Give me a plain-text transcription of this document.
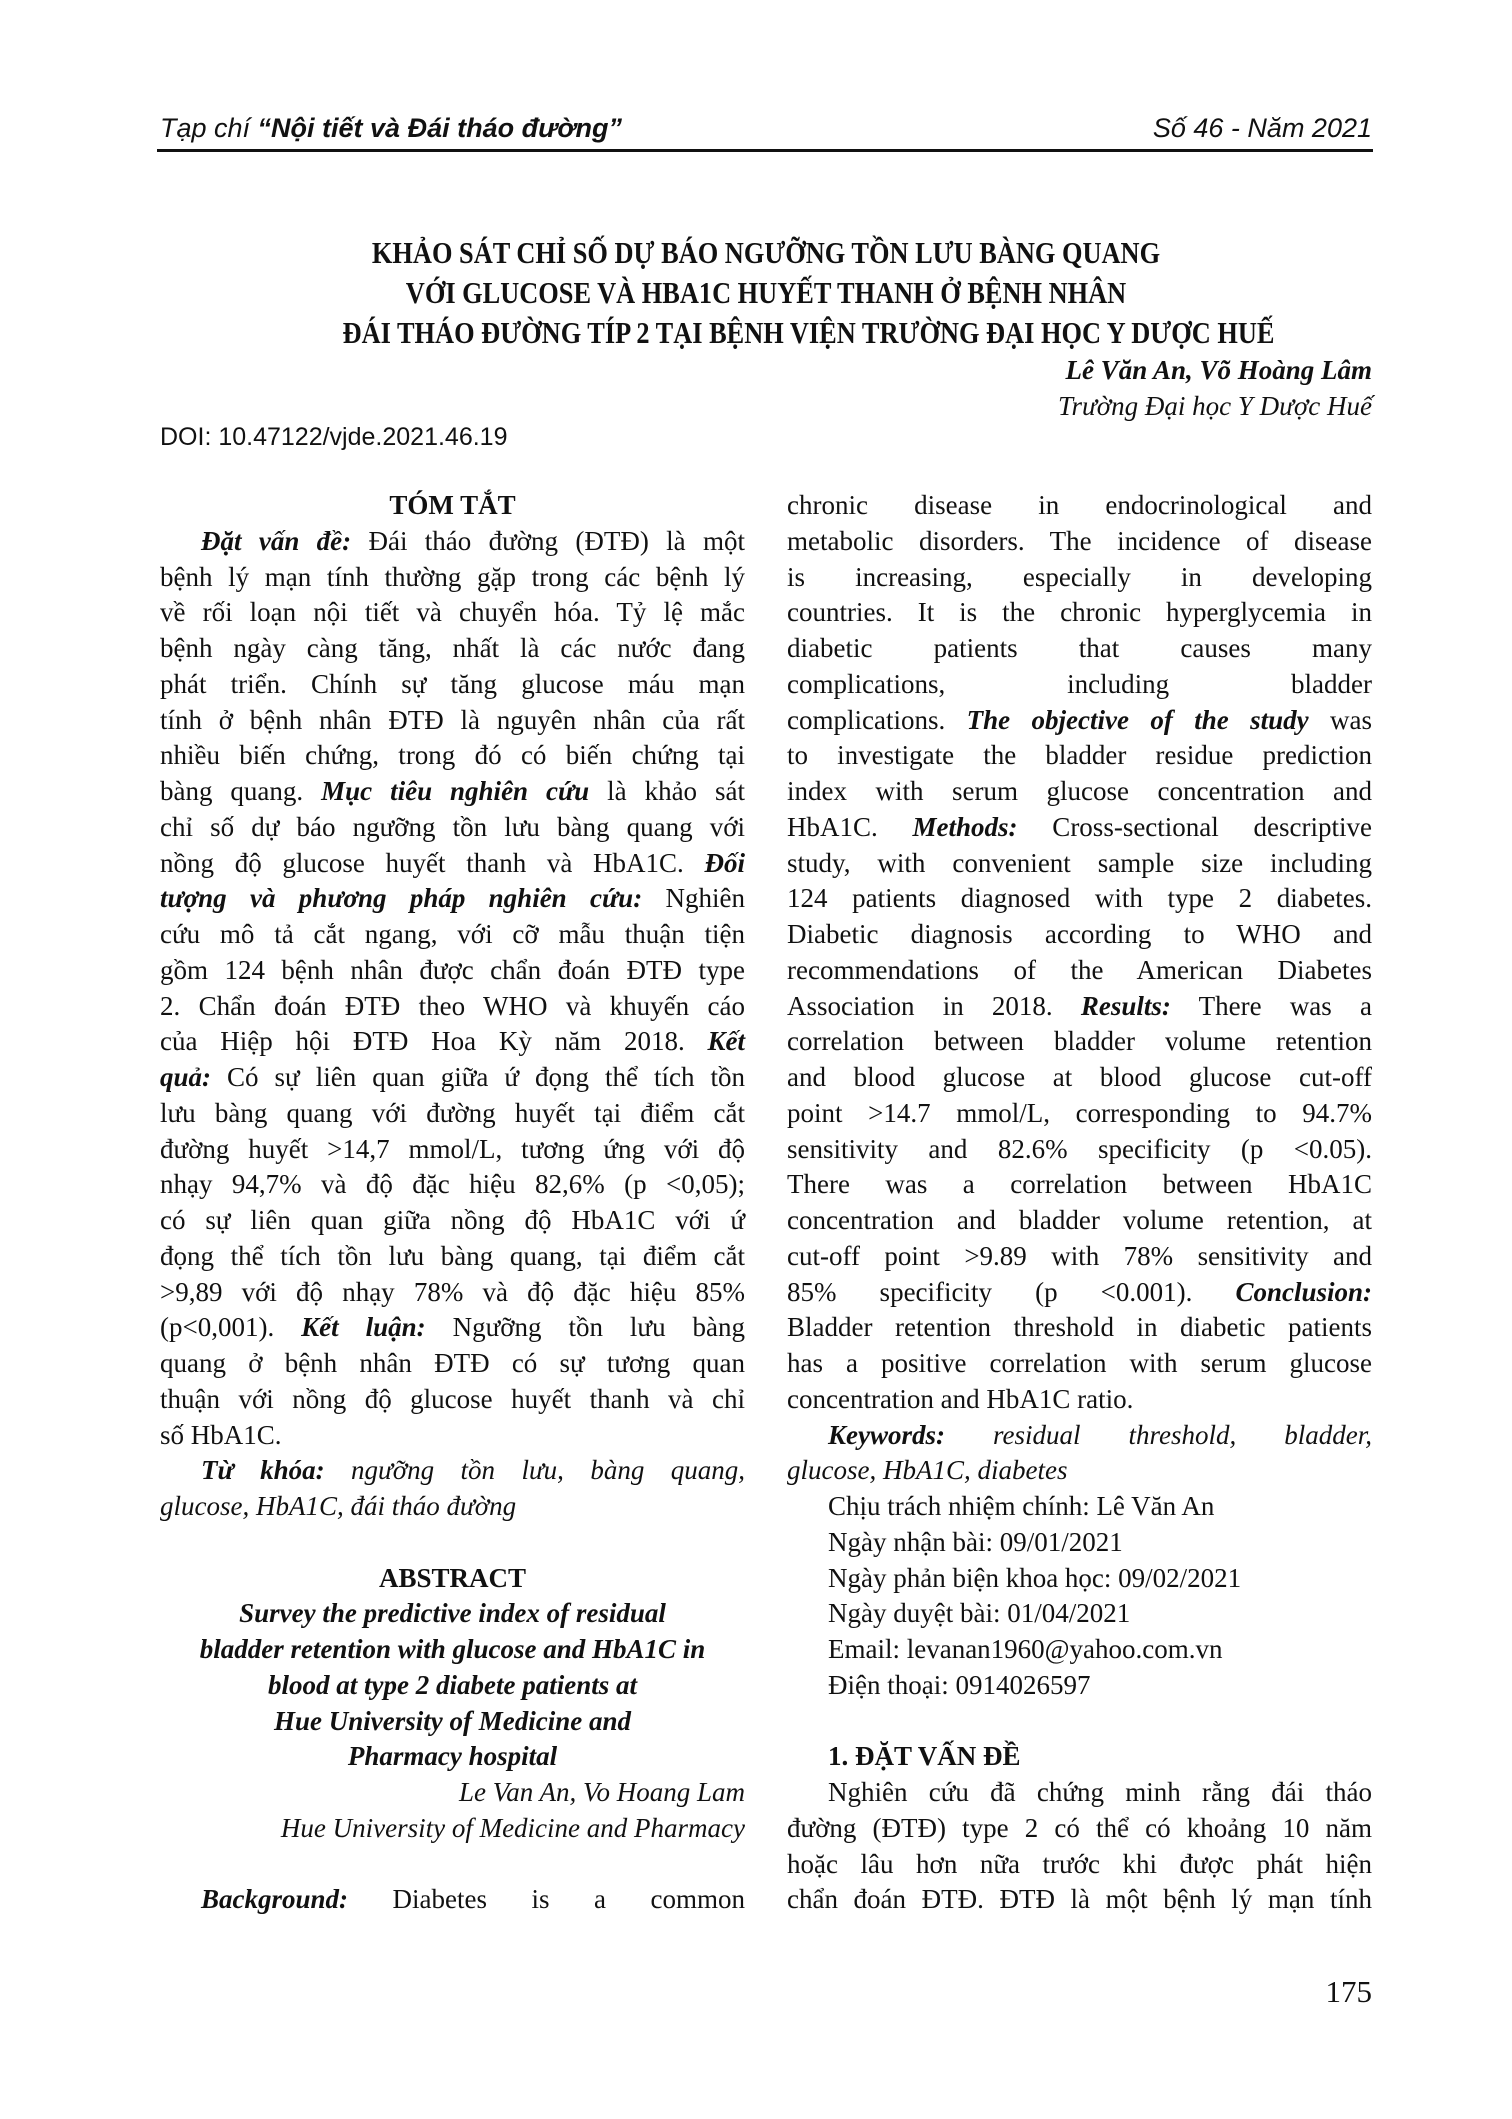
Tạp chí “Nội tiết và Đái tháo đường”	Số 46 - Năm 2021
KHẢO SÁT CHỈ SỐ DỰ BÁO NGƯỠNG TỒN LƯU BÀNG QUANG
VỚI GLUCOSE VÀ HBA1C HUYẾT THANH Ở BỆNH NHÂN
ĐÁI THÁO ĐƯỜNG TÍP 2 TẠI BỆNH VIỆN TRƯỜNG ĐẠI HỌC Y DƯỢC HUẾ
Lê Văn An, Võ Hoàng Lâm
Trường Đại học Y Dược Huế
DOI: 10.47122/vjde.2021.46.19
TÓM TẮT
Đặt vấn đề: Đái tháo đường (ĐTĐ) là một
bệnh lý mạn tính thường gặp trong các bệnh lý
về rối loạn nội tiết và chuyển hóa. Tỷ lệ mắc
bệnh ngày càng tăng, nhất là các nước đang
phát triển. Chính sự tăng glucose máu mạn
tính ở bệnh nhân ĐTĐ là nguyên nhân của rất
nhiều biến chứng, trong đó có biến chứng tại
bàng quang. Mục tiêu nghiên cứu là khảo sát
chỉ số dự báo ngưỡng tồn lưu bàng quang với
nồng độ glucose huyết thanh và HbA1C. Đối
tượng và phương pháp nghiên cứu: Nghiên
cứu mô tả cắt ngang, với cỡ mẫu thuận tiện
gồm 124 bệnh nhân được chẩn đoán ĐTĐ type
2. Chẩn đoán ĐTĐ theo WHO và khuyến cáo
của Hiệp hội ĐTĐ Hoa Kỳ năm 2018. Kết
quả: Có sự liên quan giữa ứ đọng thể tích tồn
lưu bàng quang với đường huyết tại điểm cắt
đường huyết >14,7 mmol/L, tương ứng với độ
nhạy 94,7% và độ đặc hiệu 82,6% (p <0,05);
có sự liên quan giữa nồng độ HbA1C với ứ
đọng thể tích tồn lưu bàng quang, tại điểm cắt
>9,89 với độ nhạy 78% và độ đặc hiệu 85%
(p<0,001). Kết luận: Ngưỡng tồn lưu bàng
quang ở bệnh nhân ĐTĐ có sự tương quan
thuận với nồng độ glucose huyết thanh và chỉ
số HbA1C.
Từ khóa: ngưỡng tồn lưu, bàng quang,
glucose, HbA1C, đái tháo đường
ABSTRACT
Survey the predictive index of residual
bladder retention with glucose and HbA1C in
blood at type 2 diabete patients at
Hue University of Medicine and
Pharmacy hospital
Le Van An, Vo Hoang Lam
Hue University of Medicine and Pharmacy
Background: Diabetes is a common
chronic disease in endocrinological and
metabolic disorders. The incidence of disease
is increasing, especially in developing
countries. It is the chronic hyperglycemia in
diabetic patients that causes many
complications, including bladder
complications. The objective of the study was
to investigate the bladder residue prediction
index with serum glucose concentration and
HbA1C. Methods: Cross-sectional descriptive
study, with convenient sample size including
124 patients diagnosed with type 2 diabetes.
Diabetic diagnosis according to WHO and
recommendations of the American Diabetes
Association in 2018. Results: There was a
correlation between bladder volume retention
and blood glucose at blood glucose cut-off
point >14.7 mmol/L, corresponding to 94.7%
sensitivity and 82.6% specificity (p <0.05).
There was a correlation between HbA1C
concentration and bladder volume retention, at
cut-off point >9.89 with 78% sensitivity and
85% specificity (p <0.001). Conclusion:
Bladder retention threshold in diabetic patients
has a positive correlation with serum glucose
concentration and HbA1C ratio.
Keywords: residual threshold, bladder,
glucose, HbA1C, diabetes
Chịu trách nhiệm chính: Lê Văn An
Ngày nhận bài: 09/01/2021
Ngày phản biện khoa học: 09/02/2021
Ngày duyệt bài: 01/04/2021
Email: levanan1960@yahoo.com.vn
Điện thoại: 0914026597
1. ĐẶT VẤN ĐỀ
Nghiên cứu đã chứng minh rằng đái tháo
đường (ĐTĐ) type 2 có thể có khoảng 10 năm
hoặc lâu hơn nữa trước khi được phát hiện
chẩn đoán ĐTĐ. ĐTĐ là một bệnh lý mạn tính
175
